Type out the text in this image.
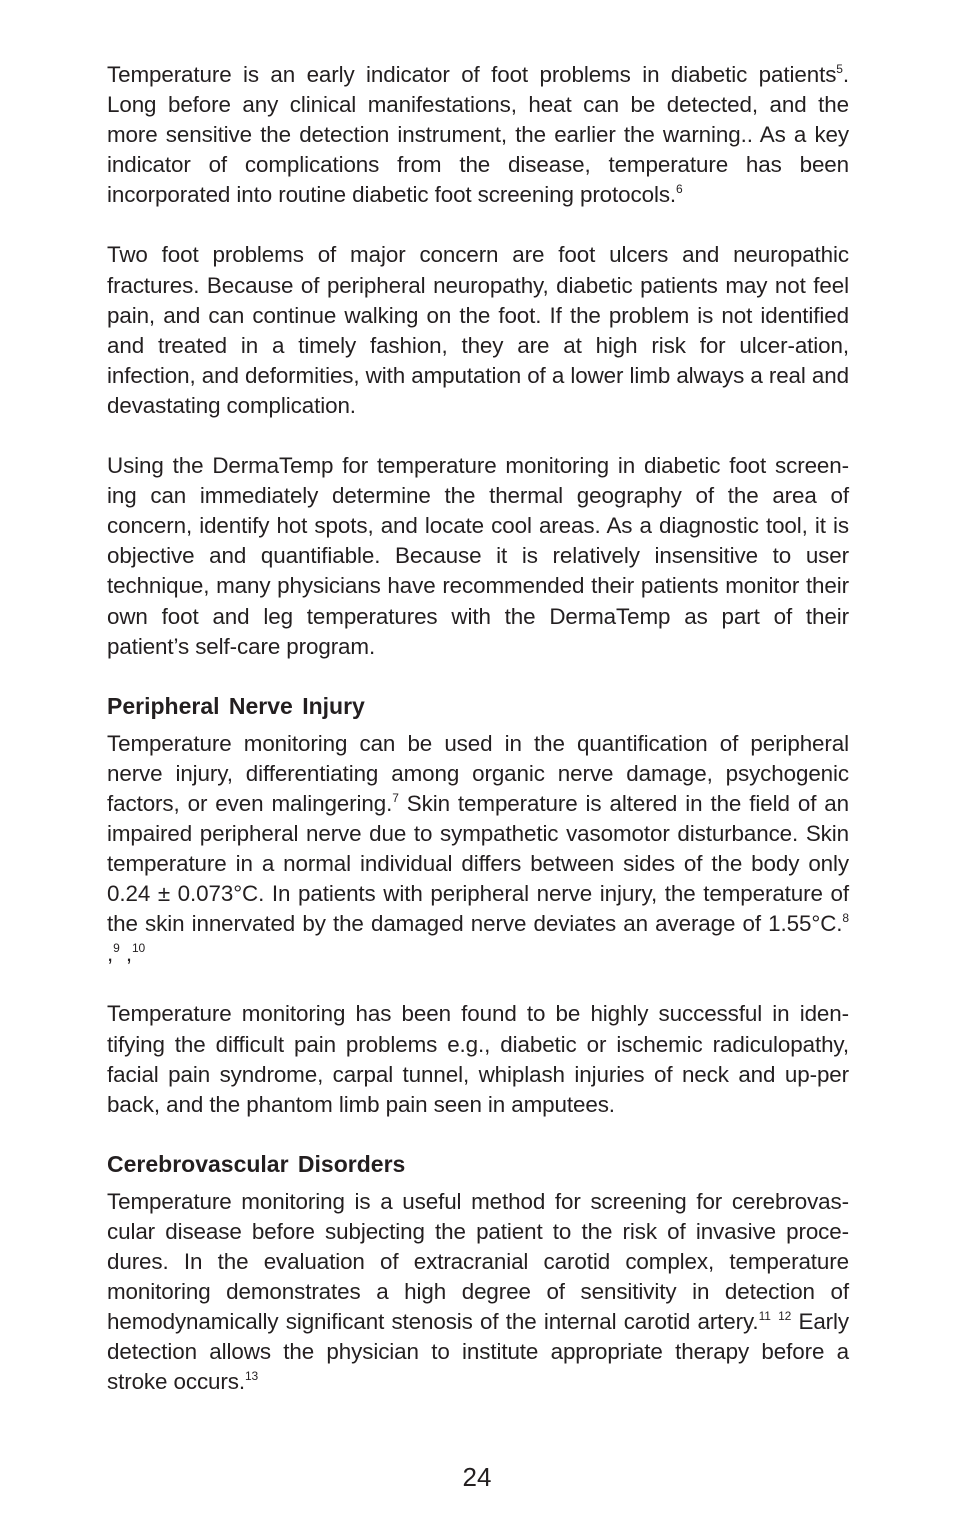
Temperature is an early indicator of foot problems in diabetic patients$^5$. Long before any clinical manifestations, heat can be detected, and the more sensitive the detection instrument, the earlier the warning.. As a key indicator of complications from the disease, temperature has been incorporated into routine diabetic foot screening protocols.$^6$

Two foot problems of major concern are foot ulcers and neuropathic fractures. Because of peripheral neuropathy, diabetic patients may not feel pain, and can continue walking on the foot. If the problem is not identified and treated in a timely fashion, they are at high risk for ulcer-ation, infection, and deformities, with amputation of a lower limb always a real and devastating complication.

Using the DermaTemp for temperature monitoring in diabetic foot screen-ing can immediately determine the thermal geography of the area of concern, identify hot spots, and locate cool areas. As a diagnostic tool, it is objective and quantifiable. Because it is relatively insensitive to user technique, many physicians have recommended their patients monitor their own foot and leg temperatures with the DermaTemp as part of their patient’s self-care program.

Peripheral Nerve Injury

Temperature monitoring can be used in the quantification of peripheral nerve injury, differentiating among organic nerve damage, psychogenic factors, or even malingering.$^7$ Skin temperature is altered in the field of an impaired peripheral nerve due to sympathetic vasomotor disturbance. Skin temperature in a normal individual differs between sides of the body only 0.24 ± 0.073°C. In patients with peripheral nerve injury, the temperature of the skin innervated by the damaged nerve deviates an average of 1.55°C.$^8$ ,$^9$ ,$^{10}$

Temperature monitoring has been found to be highly successful in iden-tifying the difficult pain problems e.g., diabetic or ischemic radiculopathy, facial pain syndrome, carpal tunnel, whiplash injuries of neck and up-per back, and the phantom limb pain seen in amputees.

Cerebrovascular Disorders

Temperature monitoring is a useful method for screening for cerebrovas-cular disease before subjecting the patient to the risk of invasive proce-dures. In the evaluation of extracranial carotid complex, temperature monitoring demonstrates a high degree of sensitivity in detection of hemodynamically significant stenosis of the internal carotid artery.$^{11}$ $^{12}$ Early detection allows the physician to institute appropriate therapy before a stroke occurs.$^{13}$

24
